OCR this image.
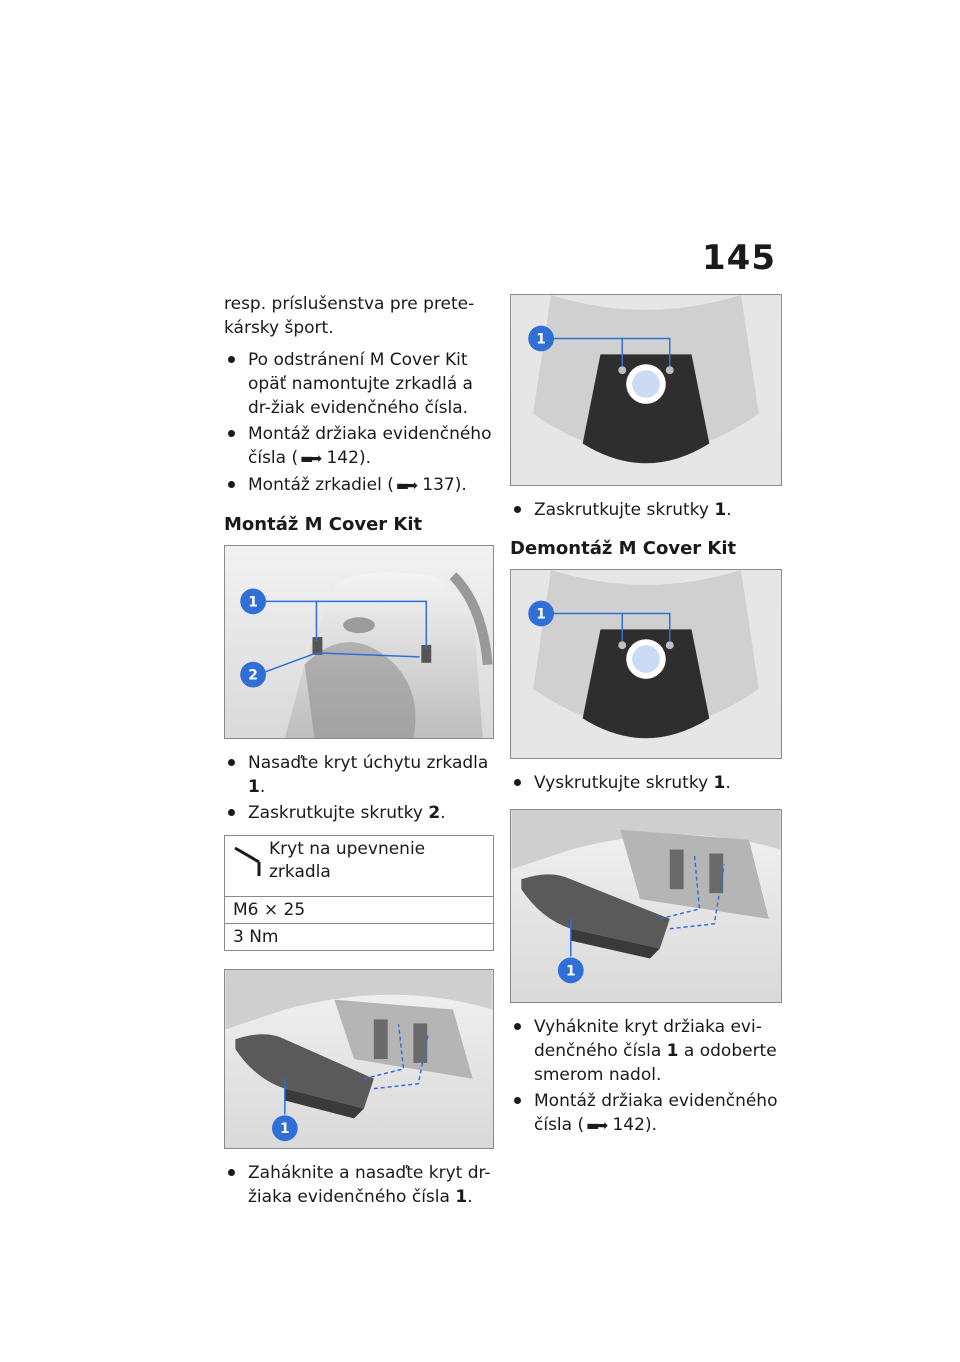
145

resp. príslušenstva pre prete-kársky šport.

Po odstránení M Cover Kit opäť namontujte zrkadlá a dr-žiak evidenčného čísla.
Montáž držiaka evidenčného čísla ( ▬➡ 142).
Montáž zrkadiel ( ▬➡ 137).
Montáž M Cover Kit
1
2
Nasaďte kryt úchytu zrkadla 1.
Zaskrutkujte skrutky 2.
Kryt na upevnenie zrkadla

M6 × 25
3 Nm
1
Zaháknite a nasaďte kryt dr-žiaka evidenčného čísla 1.
1
Zaskrutkujte skrutky 1.
Demontáž M Cover Kit
1
Vyskrutkujte skrutky 1.
1
Vyháknite kryt držiaka evi-denčného čísla 1 a odoberte smerom nadol.
Montáž držiaka evidenčného čísla ( ▬➡ 142).
